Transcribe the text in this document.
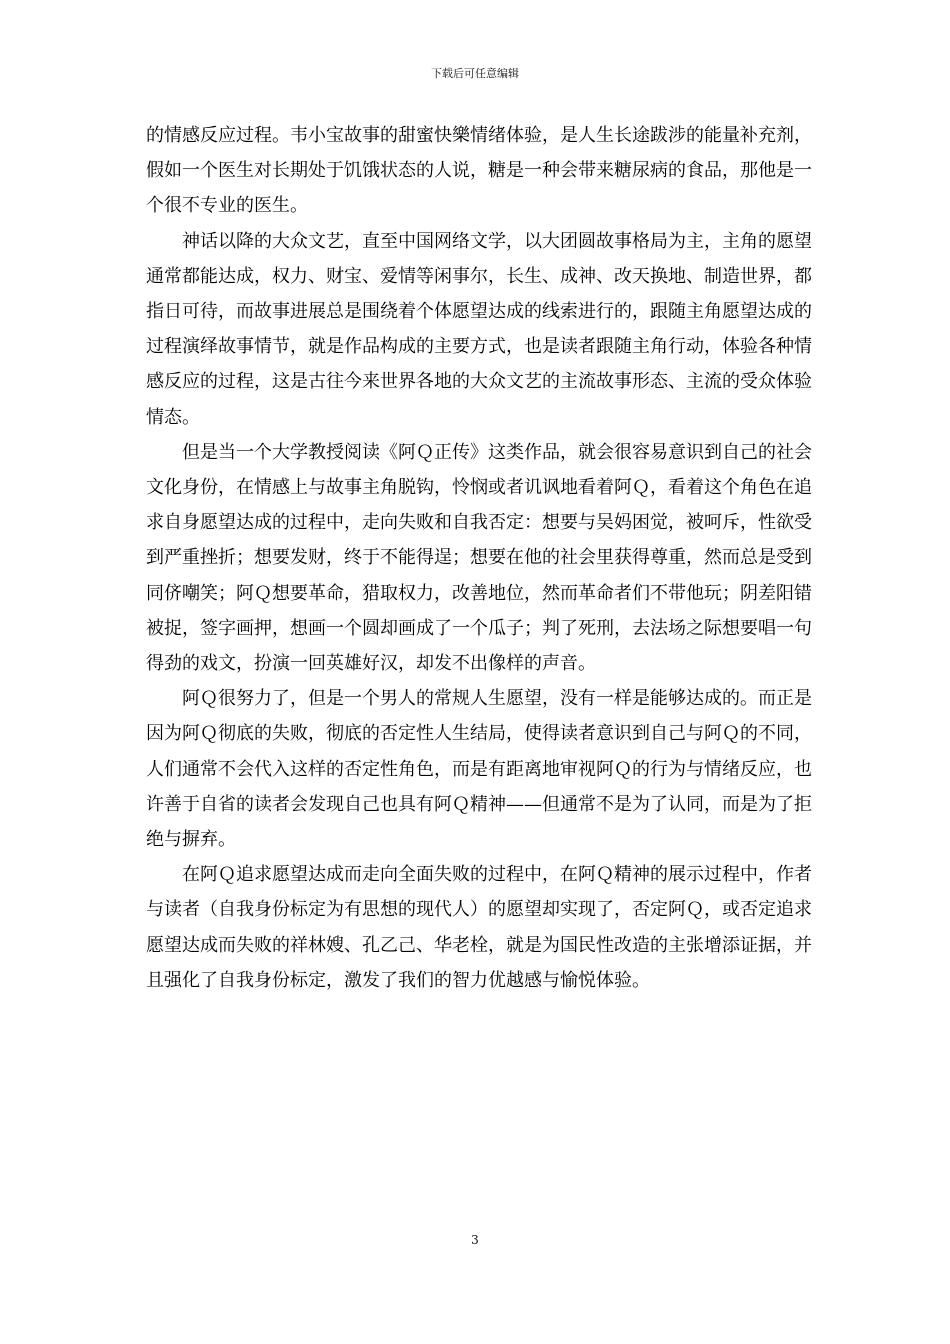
下载后可任意编辑

的情感反应过程。韦小宝故事的甜蜜快樂情绪体验，是人生长途跋涉的能量补充剂，假如一个医生对长期处于饥饿状态的人说，糖是一种会带来糖尿病的食品，那他是一个很不专业的医生。

神话以降的大众文艺，直至中国网络文学，以大团圆故事格局为主，主角的愿望通常都能达成，权力、财宝、爱情等闲事尔，长生、成神、改天换地、制造世界，都指日可待，而故事进展总是围绕着个体愿望达成的线索进行的，跟随主角愿望达成的过程演绎故事情节，就是作品构成的主要方式，也是读者跟随主角行动，体验各种情感反应的过程，这是古往今来世界各地的大众文艺的主流故事形态、主流的受众体验情态。

但是当一个大学教授阅读《阿Ｑ正传》这类作品，就会很容易意识到自己的社会文化身份，在情感上与故事主角脱钩，怜悯或者讥讽地看着阿Ｑ，看着这个角色在追求自身愿望达成的过程中，走向失败和自我否定：想要与吴妈困觉，被呵斥，性欲受到严重挫折；想要发财，终于不能得逞；想要在他的社会里获得尊重，然而总是受到同侪嘲笑；阿Ｑ想要革命，猎取权力，改善地位，然而革命者们不带他玩；阴差阳错被捉，签字画押，想画一个圆却画成了一个瓜子；判了死刑，去法场之际想要唱一句得劲的戏文，扮演一回英雄好汉，却发不出像样的声音。

阿Ｑ很努力了，但是一个男人的常规人生愿望，没有一样是能够达成的。而正是因为阿Ｑ彻底的失败，彻底的否定性人生结局，使得读者意识到自己与阿Ｑ的不同，人们通常不会代入这样的否定性角色，而是有距离地审视阿Ｑ的行为与情绪反应，也许善于自省的读者会发现自己也具有阿Ｑ精神——但通常不是为了认同，而是为了拒绝与摒弃。

在阿Ｑ追求愿望达成而走向全面失败的过程中，在阿Ｑ精神的展示过程中，作者与读者（自我身份标定为有思想的现代人）的愿望却实现了，否定阿Ｑ，或否定追求愿望达成而失败的祥林嫂、孔乙己、华老栓，就是为国民性改造的主张增添证据，并且强化了自我身份标定，激发了我们的智力优越感与愉悦体验。

3
